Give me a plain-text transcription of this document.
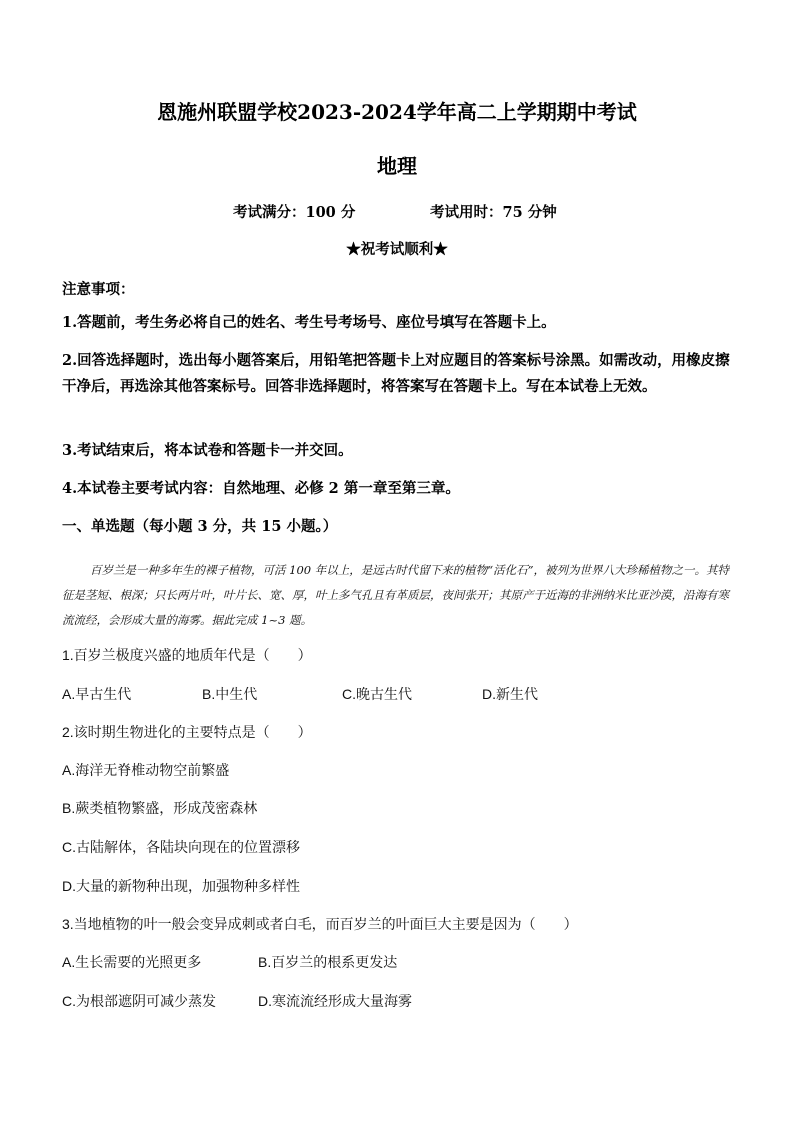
恩施州联盟学校2023-2024学年高二上学期期中考试
地理
考试满分：100 分	考试用时：75 分钟
★祝考试顺利★
注意事项：
1.答题前，考生务必将自己的姓名、考生号考场号、座位号填写在答题卡上。
2.回答选择题时，选出每小题答案后，用铅笔把答题卡上对应题目的答案标号涂黑。如需改动，用橡皮擦干净后，再选涂其他答案标号。回答非选择题时，将答案写在答题卡上。写在本试卷上无效。
3.考试结束后，将本试卷和答题卡一并交回。
4.本试卷主要考试内容：自然地理、必修 2 第一章至第三章。
一、单选题（每小题 3 分，共 15 小题。）
百岁兰是一种多年生的裸子植物，可活 100 年以上，是远古时代留下来的植物“活化石”，被列为世界八大珍稀植物之一。其特征是茎短、根深；只长两片叶，叶片长、宽、厚，叶上多气孔且有革质层，夜间张开；其原产于近海的非洲纳米比亚沙漠，沿海有寒流流经，会形成大量的海雾。据此完成 1~3 题。
1.百岁兰极度兴盛的地质年代是（　　）
A.早古生代	B.中生代	C.晚古生代	D.新生代
2.该时期生物进化的主要特点是（　　）
A.海洋无脊椎动物空前繁盛
B.蕨类植物繁盛，形成茂密森林
C.古陆解体，各陆块向现在的位置漂移
D.大量的新物种出现，加强物种多样性
3.当地植物的叶一般会变异成刺或者白毛，而百岁兰的叶面巨大主要是因为（　　）
A.生长需要的光照更多	B.百岁兰的根系更发达
C.为根部遮阴可减少蒸发	D.寒流流经形成大量海雾
